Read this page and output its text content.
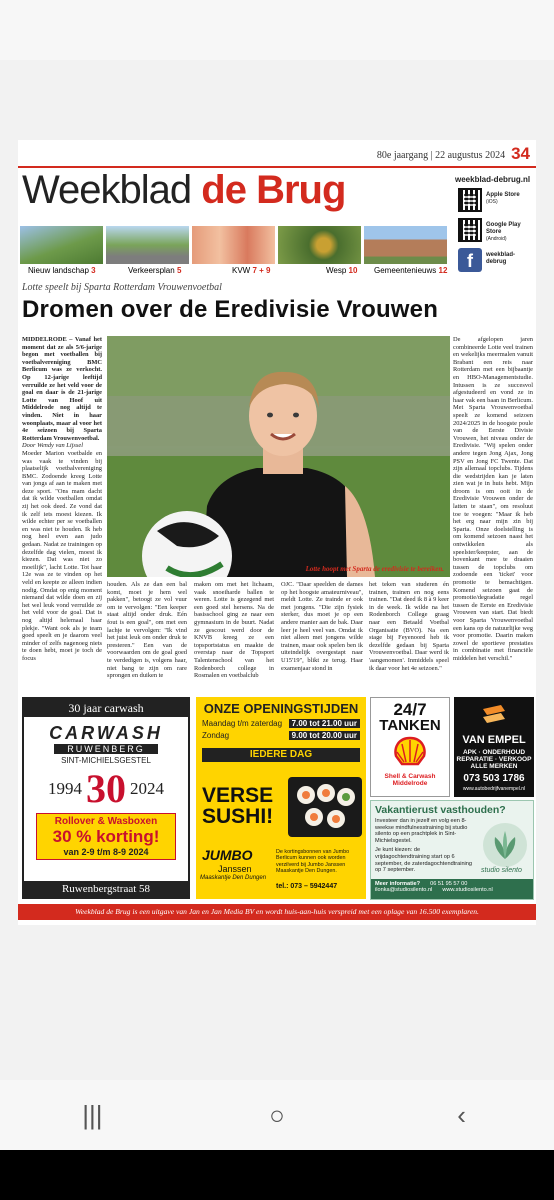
80e jaargang | 22 augustus 2024 34
Weekblad de Brug	weekblad-debrug.nl
Apple Store
(iOS)
Google Play Store
(Android)
f	weekblad-debrug
Nieuw landschap 3	Verkeersplan 5	KVW 7 + 9	Wesp 10 Gemeentenieuws 12
Lotte speelt bij Sparta Rotterdam Vrouwenvoetbal
Dromen over de Eredivisie Vrouwen
MIDDELRODE – Vanaf het moment dat ze als 5/6-jarige begon met voetballen bij voetbalvereniging BMC Berlicum was ze verkocht. Op 12-jarige leeftijd verruilde ze het veld voor de goal en daar is de 21-jarige Lotte van Hoof uit Middelrode nog altijd te vinden. Niet in haar woonplaats, maar al voor het 4e seizoen bij Sparta Rotterdam Vrouwenvoetbal.
Door Wendy van Lijssel
Moeder Marion voetbalde en was vaak te vinden bij plaatselijk voetbalvereniging BMC. Zodoende kreeg Lotte van jongs af aan te maken met deze sport. "Ons mam dacht dat ik wilde voetballen omdat zij het ook deed. Ze vond dat ik zelf iets moest kiezen. Ik wilde echter per se voetballen en was niet te houden. Ik heb nog heel even aan judo gedaan. Nadat ze trainingen op dezelfde dag vielen, moest ik kiezen. Dat was niet zo moeilijk", lacht Lotte. Tot haar 12e was ze te vinden op het veld en keepte ze alleen indien nodig. Omdat op enig moment niemand dat wilde doen en zij het wel leuk vond verruilde ze het veld voor de goal. Dat is nog altijd helemaal haar plekje. "Want ook als je team goed speelt en je daarom veel minder of zelfs nagenoeg niets te doen hebt, moet je toch de focus
Lotte hoopt met Sparta de eredivisie te bereiken.
De afgelopen jaren combineerde Lotte veel trainen en wekelijks meermalen vanuit Brabant een reis naar Rotterdam met een bijbaantje en HBO-Managementstudie. Intussen is ze succesvol afgestudeerd en vond ze in haar vak een baan in Berlicum. Met Sparta Vrouwenvoetbal speelt ze komend seizoen 2024/2025 in de hoogste poule van de Eerste Divisie Vrouwen, het niveau onder de Eredivisie. "Wij spelen onder andere tegen Jong Ajax, Jong PSV en Jong FC Twente. Dat zijn allemaal topclubs. Tijdens die wedstrijden kan je laten zien wat je in huis hebt. Mijn droom is om ooit in de Eredivisie Vrouwen onder de latten te staan", om resoluut toe te voegen: "Maar ik heb het erg naar mijn zin bij Sparta. Onze doelstelling is om komend seizoen naast het ontwikkelen als speelster/keepster, aan de bovenkant mee te draaien tussen de topclubs om zodoende een 'ticket' voor promotie te bemachtigen. Komend seizoen gaat de promotie/degradatie regel tussen de Eerste en Eredivisie Vrouwen van start. Dat biedt voor Sparta Vrouwenvoetbal een kans op de natuurlijke weg voor promotie. Daarin maken zowel de sportieve prestaties in combinatie met financiële middelen het verschil."
houden. Als ze dan een bal komt, moet je hem wel pakken", betoogt ze vol vuur om te vervolgen: "Een keeper staat altijd onder druk. Eén fout is een goal", om met een lachje te vervolgen: "Ik vind het juist leuk om onder druk te presteren." Een van de voorwaarden om de goal goed te verdedigen is, volgens haar, niet bang te zijn om rare sprongen en duiken te
maken om met het lichaam, vaak snoeiharde ballen te weren. Lotte is gezegend met een goed stel hersens. Na de basisschool ging ze naar een gymnasium in de buurt. Nadat ze gescout werd door de KNVB kreeg ze een topsportstatus en maakte de overstap naar de Topsport Talentenschool van het Rodenborch college in Rosmalen en voetbalclub
OJC. "Daar speelden de dames op het hoogste amateurniveau", meldt Lotte. Ze trainde er ook met jongens. "Die zijn fysiek sterker, dus moet je op een andere manier aan de bak. Daar leer je heel veel van. Omdat ik niet alleen met jongens wilde trainen, maar ook spelen ben ik uiteindelijk overgestapt naar U15'19", blikt ze terug. Haar examenjaar stond in
het teken van studeren én trainen, trainen en nog eens trainen. "Dat deed ik 8 à 9 keer in de week. Ik wilde na het Rodenborch College graag naar een Betaald Voetbal Organisatie (BVO). Na een stage bij Feyenoord heb ik dezelfde gedaan bij Sparta Vrouwenvoetbal. Daar werd ik 'aangenomen'. Inmiddels speel ik daar voor het 4e seizoen."
30 jaar carwash
CARWASH
RUWENBERG
SINT-MICHIELSGESTEL
1994 30 2024
Rollover & Wasboxen
30 % korting!
van 2-9 t/m 8-9 2024
Ruwenbergstraat 58
ONZE OPENINGSTIJDEN
Maandag t/m zaterdag	7.00 tot 21.00 uur
Zondag	9.00 tot 20.00 uur
IEDERE DAG
VERSE
SUSHI!
JUMBO
Janssen
Maaskantje Den Dungen
De kortingsbonnen van Jumbo Berlicum kunnen ook worden verzilverd bij Jumbo Janssen Maaskantje Den Dungen.
tel.: 073 – 5942447
24/7
TANKEN
Shell & Carwash
Middelrode
VAN EMPEL
APK · ONDERHOUD
REPARATIE · VERKOOP
ALLE MERKEN
073 503 1786
www.autobedrijfvanempel.nl
Vakantierust vasthouden?
Investeer dan in jezelf en volg een 8-weekse mindfulnesstraining bij studio silento op een prachtplek in Sint-Michielsgestel.
Je kunt kiezen: de vrijdagochtendtraining start op 6 september, de zaterdagochtendtraining op 7 september.	studio silento
Meer informatie? 06 51 95 57 00
ilonka@studiosilento.nl www.studiosilento.nl
Weekblad de Brug is een uitgave van Jan en Jan Media BV en wordt huis-aan-huis verspreid met een oplage van 16.500 exemplaren.
|||	○	‹
